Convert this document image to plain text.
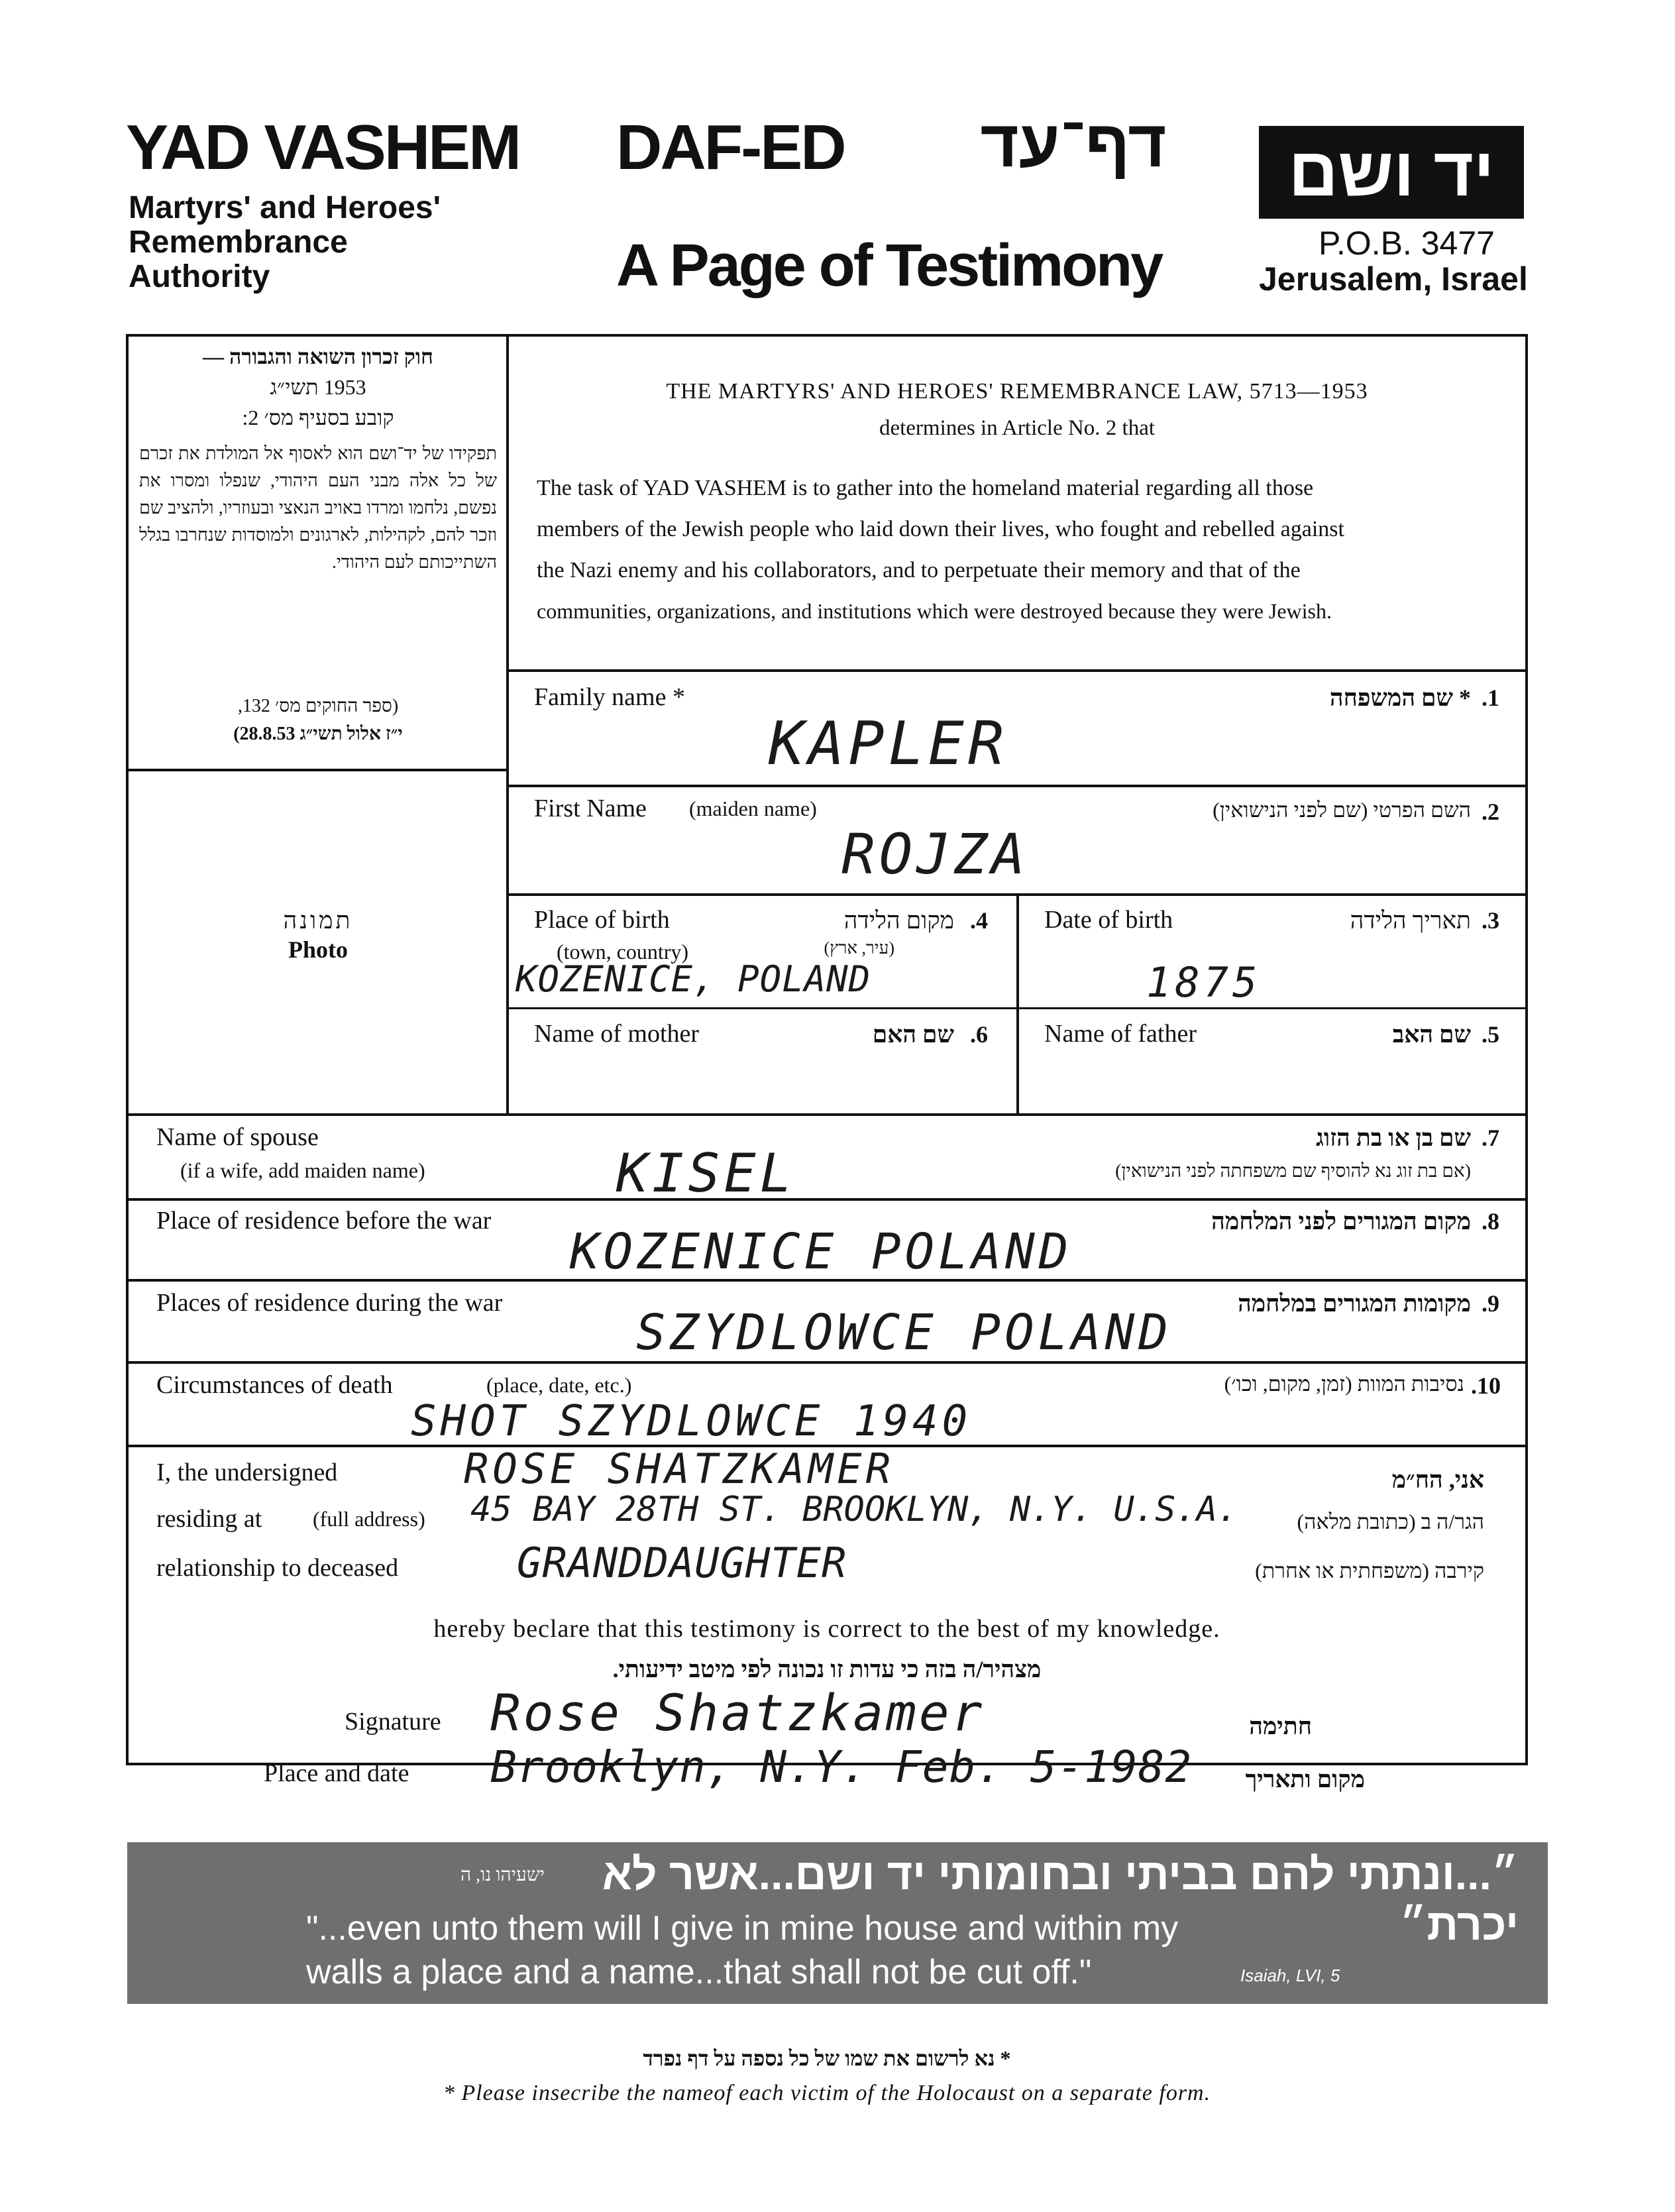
YAD VASHEM
Martyrs' and Heroes'
Remembrance
Authority
DAF-ED	דף־עד
A Page of Testimony
יד ושם
P.O.B. 3477
Jerusalem, Israel
חוק זכרון השואה והגבורה —
1953 תשי״ג
קובע בסעיף מס׳ 2:
תפקידו של יד־ושם הוא לאסוף אל המולדת את זכרם של כל אלה מבני העם היהודי, שנפלו ומסרו את נפשם, נלחמו ומרדו באויב הנאצי ובעוזריו, ולהציב שם וזכר להם, לקהילות, לארגונים ולמוסדות שנחרבו בגלל השתייכותם לעם היהודי.
(ספר החוקים מס׳ 132,
י״ז אלול תשי״ג 28.8.53)
תמונה
Photo
THE MARTYRS' AND HEROES' REMEMBRANCE LAW, 5713—1953
determines in Article No. 2 that
The task of YAD VASHEM is to gather into the homeland material regarding all those
members of the Jewish people who laid down their lives, who fought and rebelled against
the Nazi enemy and his collaborators, and to perpetuate their memory and that of the
communities, organizations, and institutions which were destroyed because they were Jewish.
Family name *	* שם המשפחה .1
KAPLER
First Name (maiden name)	השם הפרטי (שם לפני הנישואין) .2
ROJZA
Place of birth
(town, country)
מקום הלידה
(עיר, ארץ)
.4
KOZENICE, POLAND
Date of birth	תאריך הלידה .3
1875
Name of mother	שם האם .6 Name of father	שם האב .5
Name of spouse
(if a wife, add maiden name)
שם בן או בת הזוג
(אם בת זוג נא להוסיף שם משפחתה לפני הנישואין)
.7
KISEL
Place of residence before the war	מקום המגורים לפני המלחמה .8
KOZENICE POLAND
Places of residence during the war	מקומות המגורים במלחמה .9
SZYDLOWCE POLAND
Circumstances of death	(place, date, etc.)	נסיבות המוות (זמן, מקום, וכו׳) .10
SHOT SZYDLOWCE 1940
I, the undersigned	ROSE SHATZKAMER	אני, הח״מ
residing at (full address) 45 BAY 28TH ST. BROOKLYN, N.Y. U.S.A.	הגר/ה ב (כתובת מלאה)
relationship to deceased	GRANDDAUGHTER	קירבה (משפחתית או אחרת)
hereby beclare that this testimony is correct to the best of my knowledge.
מצהיר/ה בזה כי עדות זו נכונה לפי מיטב ידיעותי.
Signature Rose Shatzkamer	חתימה
Place and date Brooklyn, N.Y. Feb. 5-1982	מקום ותאריך
״...ונתתי להם בביתי ובחומותי יד ושם...אשר לא יכרת״
ישעיהו נו, ה
"...even unto them will I give in mine house and within my
walls a place and a name...that shall not be cut off."	Isaiah, LVI, 5
* נא לרשום את שמו של כל נספה על דף נפרד
* Please insecribe the nameof each victim of the Holocaust on a separate form.
